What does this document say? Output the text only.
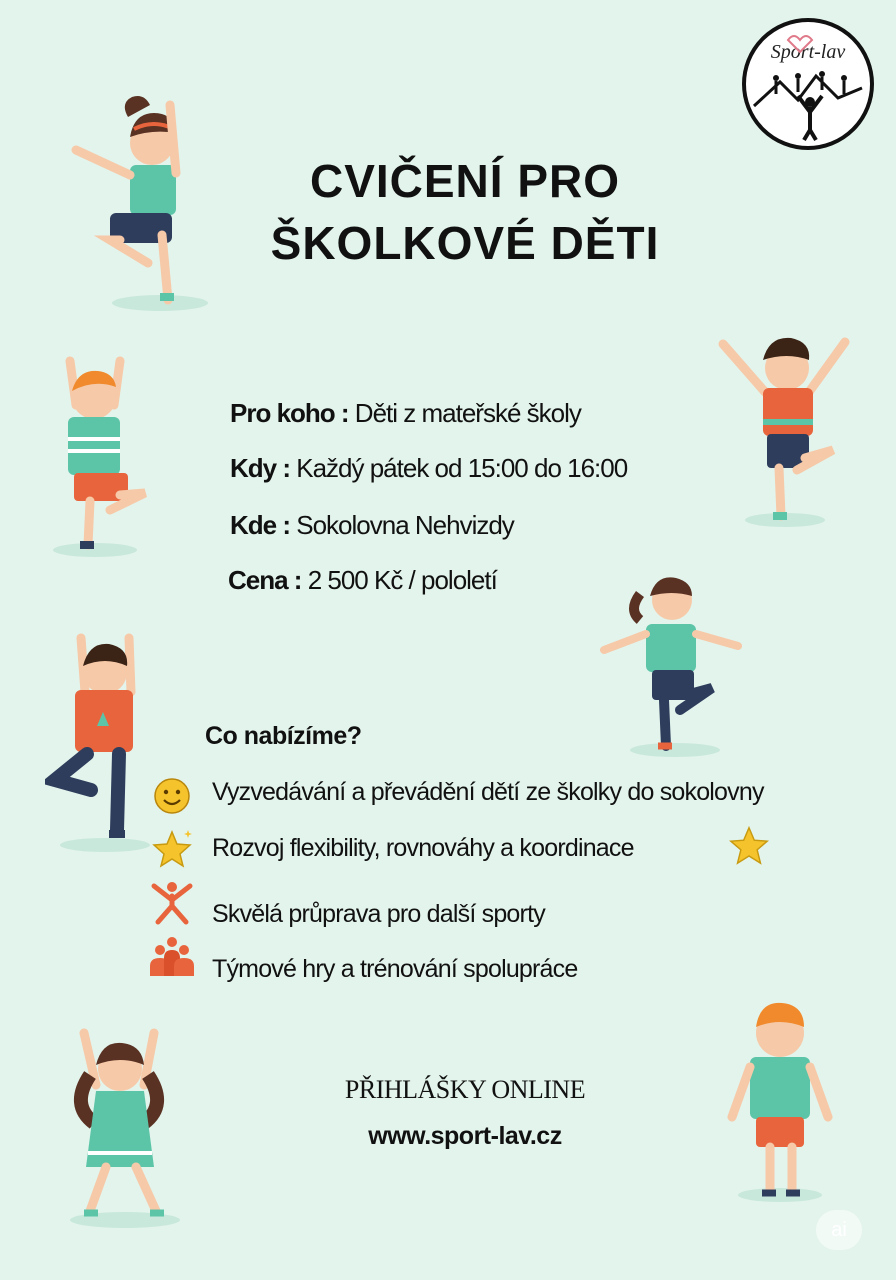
Sport-lav
CVIČENÍ PRO
ŠKOLKOVÉ DĚTI
Pro koho : Děti z mateřské školy
Kdy : Každý pátek od 15:00 do 16:00
Kde : Sokolovna Nehvizdy
Cena : 2 500 Kč / pololetí
Co nabízíme?
Vyzvedávání a převádění dětí ze školky do sokolovny
Rozvoj flexibility, rovnováhy a koordinace
Skvělá průprava pro další sporty
Týmové hry a trénování spolupráce
PŘIHLÁŠKY ONLINE
www.sport-lav.cz
ai
